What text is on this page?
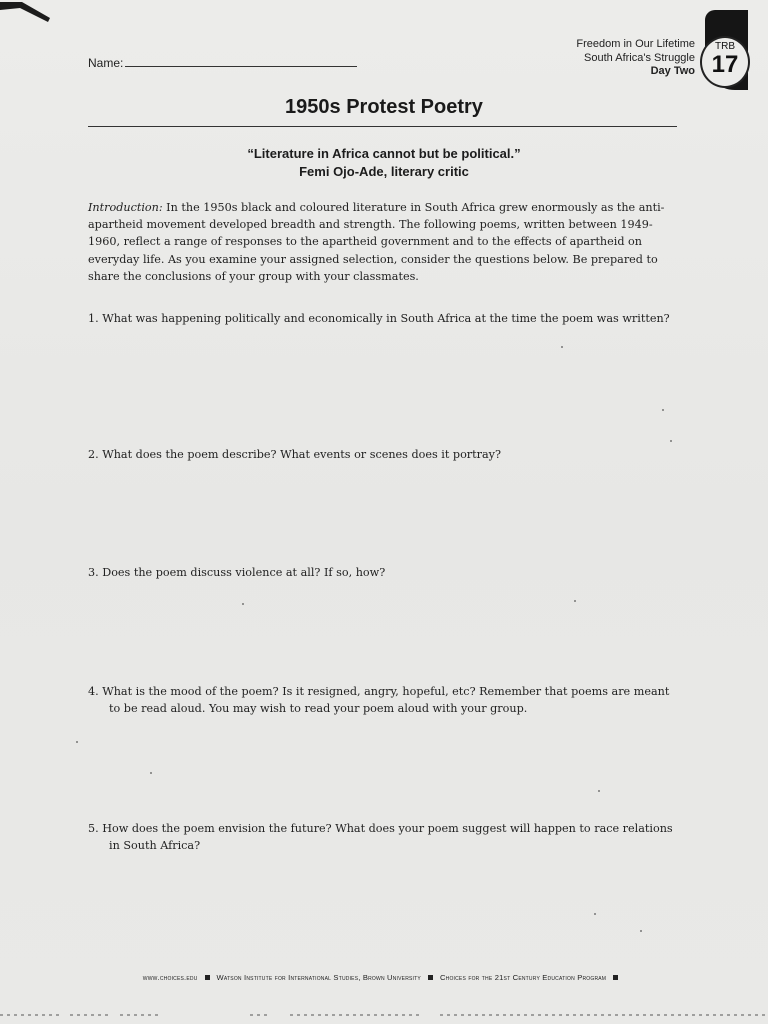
Name:
Freedom in Our Lifetime
South Africa's Struggle
Day Two
TRB
17
1950s Protest Poetry
“Literature in Africa cannot but be political.”
Femi Ojo-Ade, literary critic
Introduction: In the 1950s black and coloured literature in South Africa grew enormously as the anti-apartheid movement developed breadth and strength. The following poems, written between 1949-1960, reflect a range of responses to the apartheid government and to the effects of apartheid on everyday life. As you examine your assigned selection, consider the questions below. Be prepared to share the conclusions of your group with your classmates.
1. What was happening politically and economically in South Africa at the time the poem was written?
2. What does the poem describe? What events or scenes does it portray?
3. Does the poem discuss violence at all? If so, how?
4. What is the mood of the poem? Is it resigned, angry, hopeful, etc? Remember that poems are meant to be read aloud. You may wish to read your poem aloud with your group.
5. How does the poem envision the future? What does your poem suggest will happen to race relations in South Africa?
www.choices.edu	Watson Institute for International Studies, Brown University	Choices for the 21st Century Education Program
